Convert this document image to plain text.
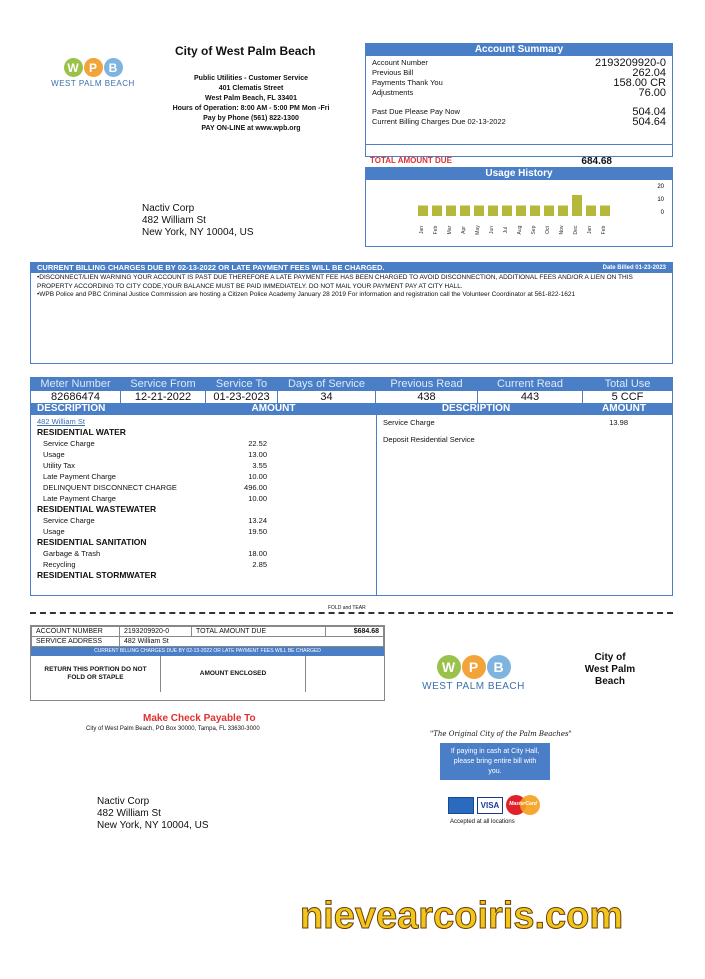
W P B
WEST PALM BEACH
City of West Palm Beach
Public Utilities - Customer Service
401 Clematis Street
West Palm Beach, FL 33401
Hours of Operation: 8:00 AM - 5:00 PM Mon -Fri
Pay by Phone (561) 822-1300
PAY ON-LINE at www.wpb.org
Account Summary
Account Number	2193209920-0
Previous Bill	262.04
Payments Thank You	158.00 CR
Adjustments	76.00
Past Due Please Pay Now	504.04
Current Billing Charges Due 02-13-2022	504.64
TOTAL AMOUNT DUE	684.68
Usage History
Jan Feb Mar Apr May Jun Jul Aug Sep Oct Nov Dec Jan Feb
20
10
0
Nactiv Corp
482 William St
New York, NY 10004, US
CURRENT BILLING CHARGES DUE BY 02-13-2022 OR LATE PAYMENT FEES WILL BE CHARGED.	Date Billed 01-23-2023
•DISCONNECT/LIEN WARNING YOUR ACCOUNT IS PAST DUE THEREFORE A LATE PAYMENT FEE HAS BEEN CHARGED TO AVOID DISCONNECTION, ADDITIONAL FEES AND/OR A LIEN ON THIS PROPERTY ACCORDING TO CITY CODE,YOUR BALANCE MUST BE PAID IMMEDIATELY. DO NOT MAIL YOUR PAYMENT PAY AT CITY HALL.
•WPB Police and PBC Criminal Justice Commission are hosting a Citizen Police Academy January 28 2019 For information and registration call the Volunteer Coordinator at 561-822-1621
Meter Number	Service From	Service To	Days of Service	Previous Read	Current Read	Total Use
82686474	12-21-2022	01-23-2023	34	438	443	5 CCF
DESCRIPTION	AMOUNT	DESCRIPTION	AMOUNT
482 William St
RESIDENTIAL WATER
Service Charge	22.52
Usage	13.00
Utility Tax	3.55
Late Payment Charge	10.00
DELINQUENT DISCONNECT CHARGE	496.00
Late Payment Charge	10.00
RESIDENTIAL WASTEWATER
Service Charge	13.24
Usage	19.50
RESIDENTIAL SANITATION
Garbage & Trash	18.00
Recycling	2.85
RESIDENTIAL STORMWATER
Service Charge	13.98
Deposit Residential Service
FOLD and TEAR
ACCOUNT NUMBER	2193209920-0	TOTAL AMOUNT DUE	$684.68
SERVICE ADDRESS	482 William St		
CURRENT BILLING CHARGES DUE BY 02-13-2022 OR LATE PAYMENT FEES WILL BE CHARGED
RETURN THIS PORTION DO NOT FOLD OR STAPLE
AMOUNT ENCLOSED
Make Check Payable To
City of West Palm Beach, PO Box 30000, Tampa, FL 33630-3000
Nactiv Corp
482 William St
New York, NY 10004, US
W P	B
WEST PALM BEACH
City of
West Palm
Beach
"The Original City of the Palm Beaches"
If paying in cash at City Hall, please bring entire bill with you.
VISA	MasterCard
Accepted at all locations
nievearcoiris.com
